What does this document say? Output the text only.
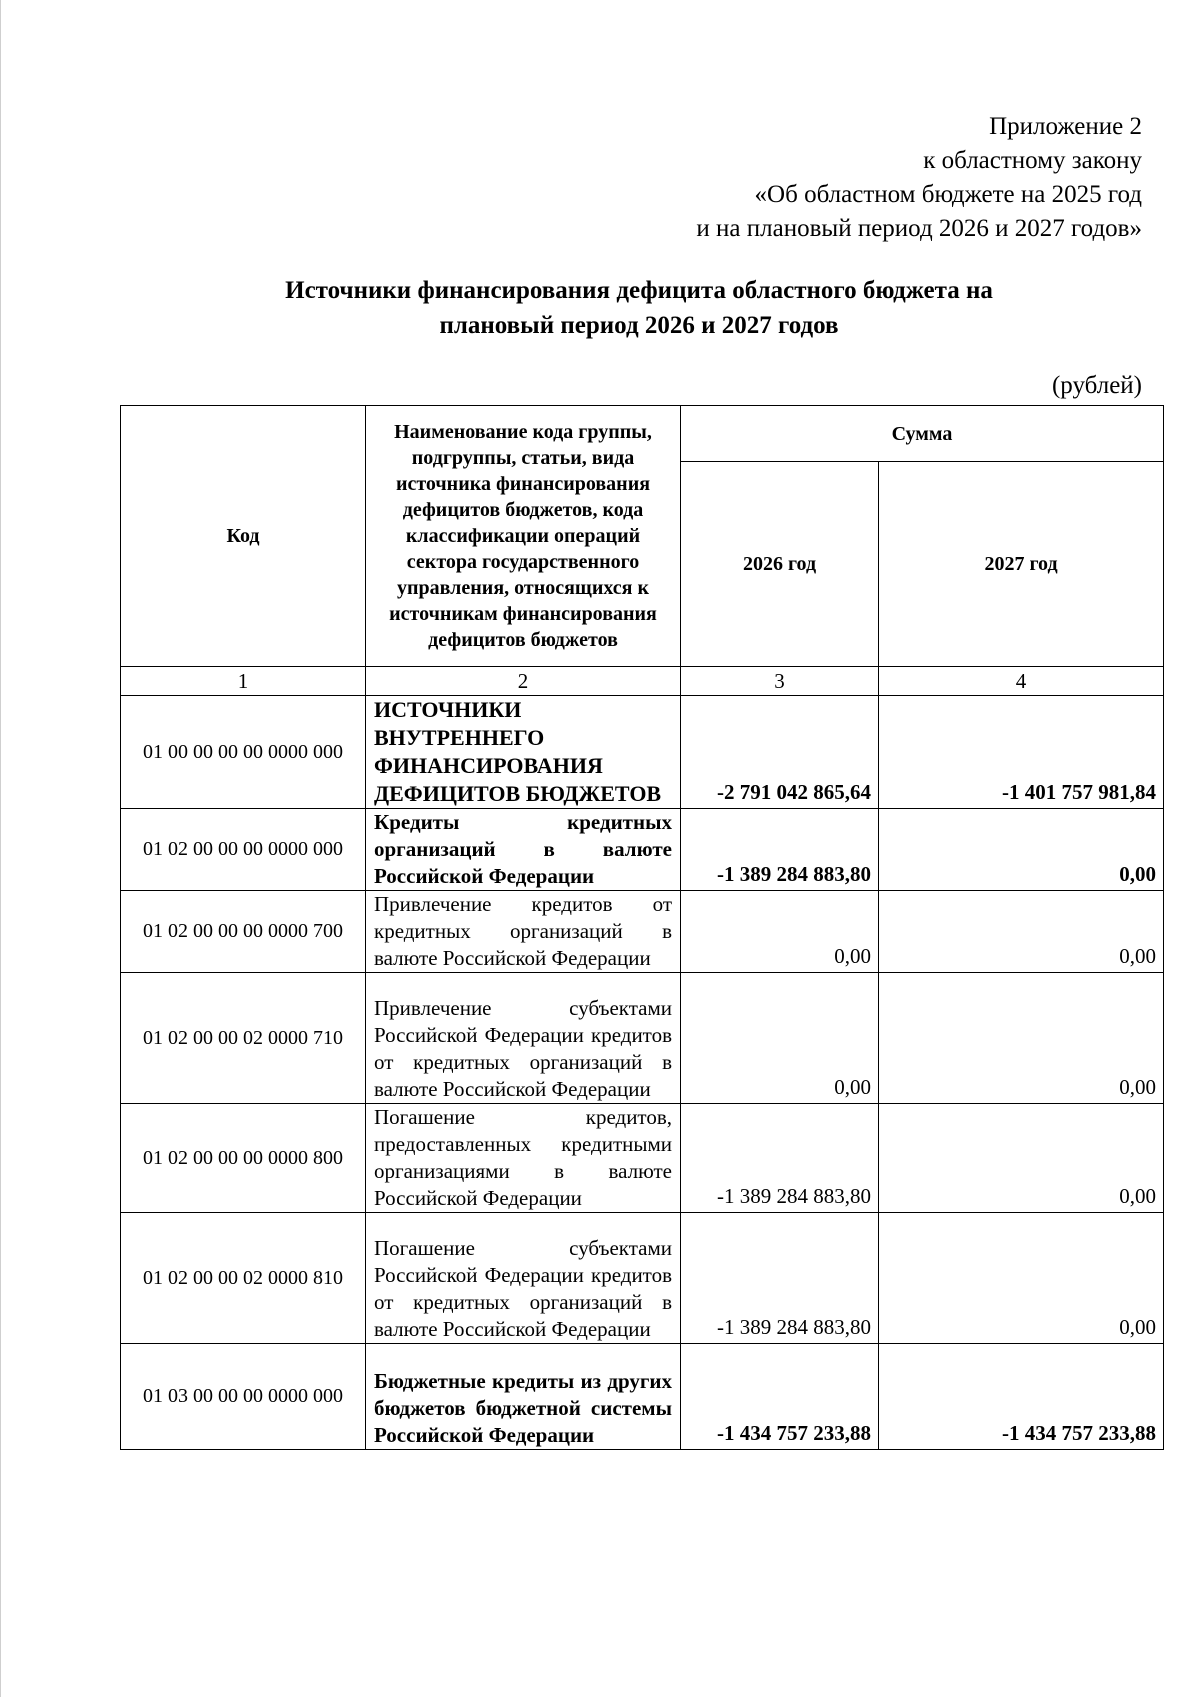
Приложение 2
к областному закону
«Об областном бюджете на 2025 год
и на плановый период 2026 и 2027 годов»
Источники финансирования дефицита областного бюджета на
плановый период 2026 и 2027 годов
(рублей)
Код	Наименование кода группы, подгруппы, статьи, вида источника финансирования дефицитов бюджетов, кода классификации операций сектора государственного управления, относящихся к источникам финансирования дефицитов бюджетов	Сумма	
		2026 год	2027 год
1	2	3	4
01 00 00 00 00 0000 000	ИСТОЧНИКИ ВНУТРЕННЕГО ФИНАНСИРОВАНИЯ ДЕФИЦИТОВ БЮДЖЕТОВ	-2 791 042 865,64	-1 401 757 981,84
01 02 00 00 00 0000 000	Кредиты кредитных организаций в валюте Российской Федерации	-1 389 284 883,80	0,00
01 02 00 00 00 0000 700	Привлечение кредитов от кредитных организаций в валюте Российской Федерации	0,00	0,00
01 02 00 00 02 0000 710	Привлечение субъектами Российской Федерации кредитов от кредитных организаций в валюте Российской Федерации	0,00	0,00
01 02 00 00 00 0000 800	Погашение кредитов, предоставленных кредитными организациями в валюте Российской Федерации	-1 389 284 883,80	0,00
01 02 00 00 02 0000 810	Погашение субъектами Российской Федерации кредитов от кредитных организаций в валюте Российской Федерации	-1 389 284 883,80	0,00
01 03 00 00 00 0000 000	Бюджетные кредиты из других бюджетов бюджетной системы Российской Федерации	-1 434 757 233,88	-1 434 757 233,88
